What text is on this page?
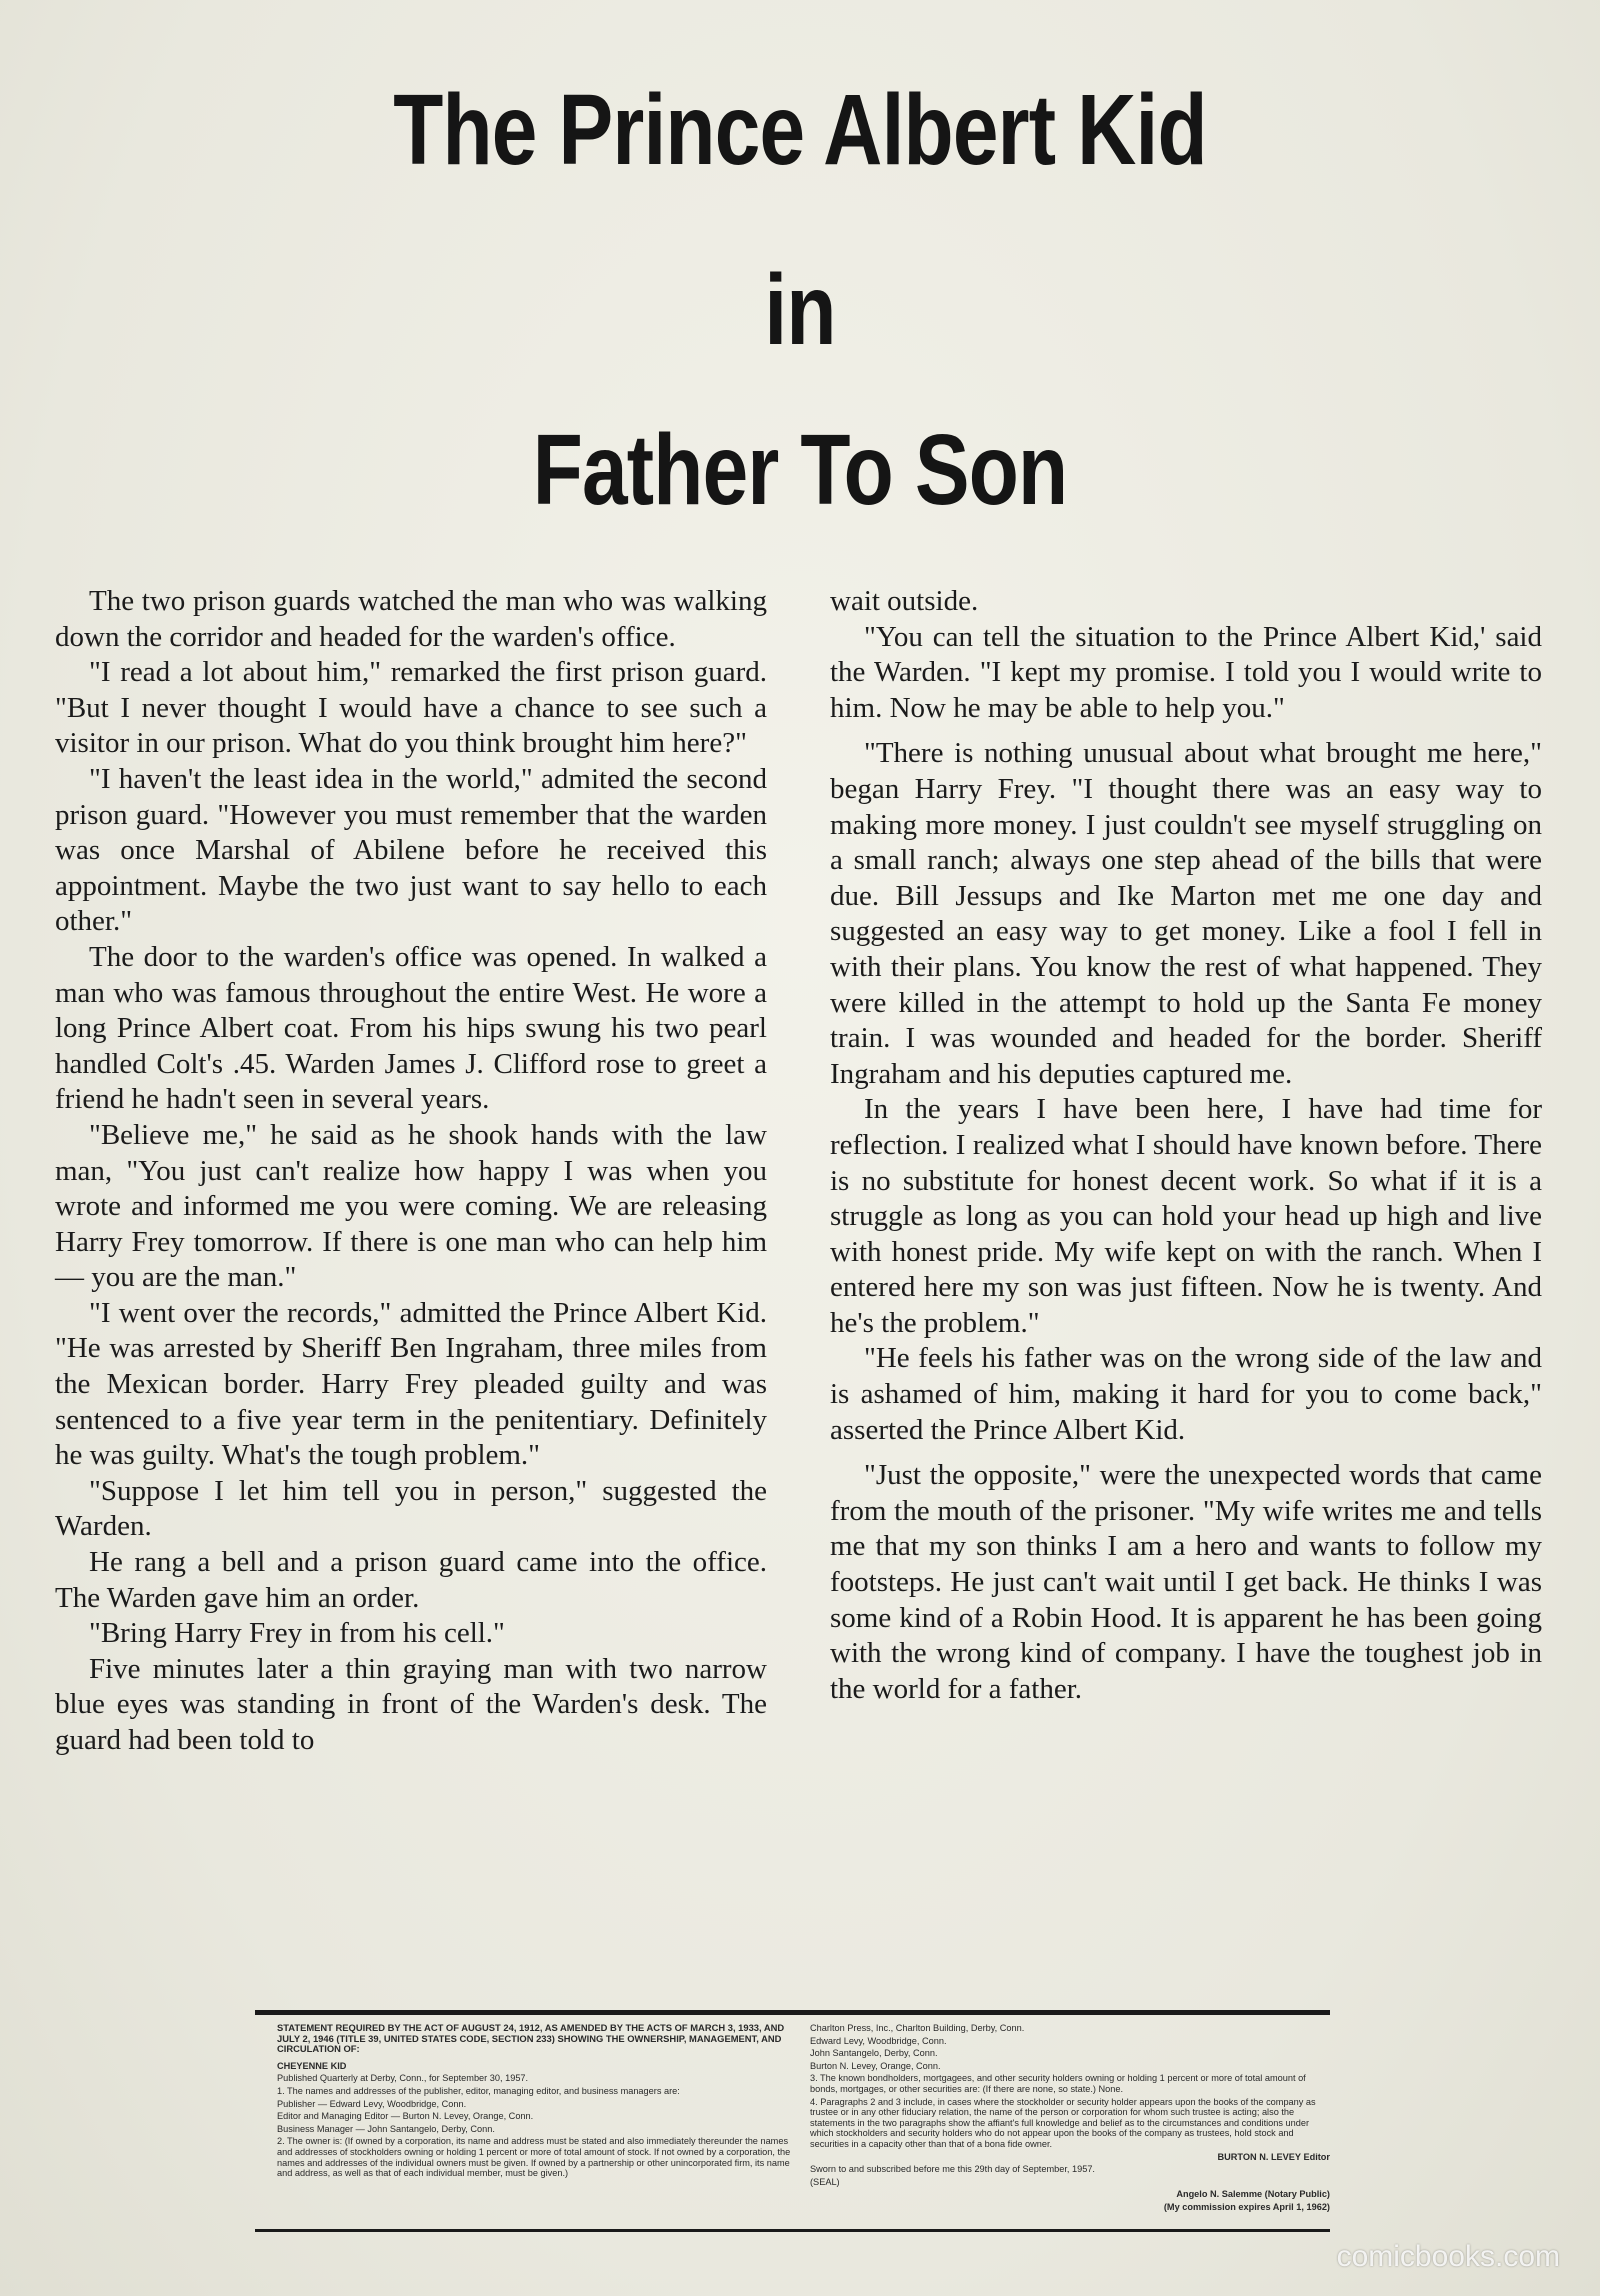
The Prince Albert Kid
in
Father To Son

The two prison guards watched the man who was walking down the corridor and headed for the warden's office.

"I read a lot about him," remarked the first prison guard. "But I never thought I would have a chance to see such a visitor in our prison. What do you think brought him here?"

"I haven't the least idea in the world," admited the second prison guard. "However you must remember that the warden was once Marshal of Abilene before he received this appointment. Maybe the two just want to say hello to each other."

The door to the warden's office was opened. In walked a man who was famous throughout the entire West. He wore a long Prince Albert coat. From his hips swung his two pearl handled Colt's .45. Warden James J. Clifford rose to greet a friend he hadn't seen in several years.

"Believe me," he said as he shook hands with the law man, "You just can't realize how happy I was when you wrote and informed me you were coming. We are releasing Harry Frey tomorrow. If there is one man who can help him — you are the man."

"I went over the records," admitted the Prince Albert Kid. "He was arrested by Sheriff Ben Ingraham, three miles from the Mexican border. Harry Frey pleaded guilty and was sentenced to a five year term in the penitentiary. Definitely he was guilty. What's the tough problem."

"Suppose I let him tell you in person," suggested the Warden.

He rang a bell and a prison guard came into the office. The Warden gave him an order.

"Bring Harry Frey in from his cell."

Five minutes later a thin graying man with two narrow blue eyes was standing in front of the Warden's desk. The guard had been told to

wait outside.

"You can tell the situation to the Prince Albert Kid,' said the Warden. "I kept my promise. I told you I would write to him. Now he may be able to help you."

"There is nothing unusual about what brought me here," began Harry Frey. "I thought there was an easy way to making more money. I just couldn't see myself struggling on a small ranch; always one step ahead of the bills that were due. Bill Jessups and Ike Marton met me one day and suggested an easy way to get money. Like a fool I fell in with their plans. You know the rest of what happened. They were killed in the attempt to hold up the Santa Fe money train. I was wounded and headed for the border. Sheriff Ingraham and his deputies captured me.

In the years I have been here, I have had time for reflection. I realized what I should have known before. There is no substitute for honest decent work. So what if it is a struggle as long as you can hold your head up high and live with honest pride. My wife kept on with the ranch. When I entered here my son was just fifteen. Now he is twenty. And he's the problem."

"He feels his father was on the wrong side of the law and is ashamed of him, making it hard for you to come back," asserted the Prince Albert Kid.

"Just the opposite," were the unexpected words that came from the mouth of the prisoner. "My wife writes me and tells me that my son thinks I am a hero and wants to follow my footsteps. He just can't wait until I get back. He thinks I was some kind of a Robin Hood. It is apparent he has been going with the wrong kind of company. I have the toughest job in the world for a father.

STATEMENT REQUIRED BY THE ACT OF AUGUST 24, 1912, AS AMENDED BY THE ACTS OF MARCH 3, 1933, AND JULY 2, 1946 (TITLE 39, UNITED STATES CODE, SECTION 233) SHOWING THE OWNERSHIP, MANAGEMENT, AND CIRCULATION OF:

CHEYENNE KID

Published Quarterly at Derby, Conn., for September 30, 1957.

1. The names and addresses of the publisher, editor, managing editor, and business managers are:

Publisher — Edward Levy, Woodbridge, Conn.

Editor and Managing Editor — Burton N. Levey, Orange, Conn.

Business Manager — John Santangelo, Derby, Conn.

2. The owner is: (If owned by a corporation, its name and address must be stated and also immediately thereunder the names and addresses of stockholders owning or holding 1 percent or more of total amount of stock. If not owned by a corporation, the names and addresses of the individual owners must be given. If owned by a partnership or other unincorporated firm, its name and address, as well as that of each individual member, must be given.)

Charlton Press, Inc., Charlton Building, Derby, Conn.

Edward Levy, Woodbridge, Conn.

John Santangelo, Derby, Conn.

Burton N. Levey, Orange, Conn.

3. The known bondholders, mortgagees, and other security holders owning or holding 1 percent or more of total amount of bonds, mortgages, or other securities are: (If there are none, so state.) None.

4. Paragraphs 2 and 3 include, in cases where the stockholder or security holder appears upon the books of the company as trustee or in any other fiduciary relation, the name of the person or corporation for whom such trustee is acting; also the statements in the two paragraphs show the affiant's full knowledge and belief as to the circumstances and conditions under which stockholders and security holders who do not appear upon the books of the company as trustees, hold stock and securities in a capacity other than that of a bona fide owner.

BURTON N. LEVEY Editor

Sworn to and subscribed before me this 29th day of September, 1957.

(SEAL)

Angelo N. Salemme (Notary Public)

(My commission expires April 1, 1962)

comicbooks.com
